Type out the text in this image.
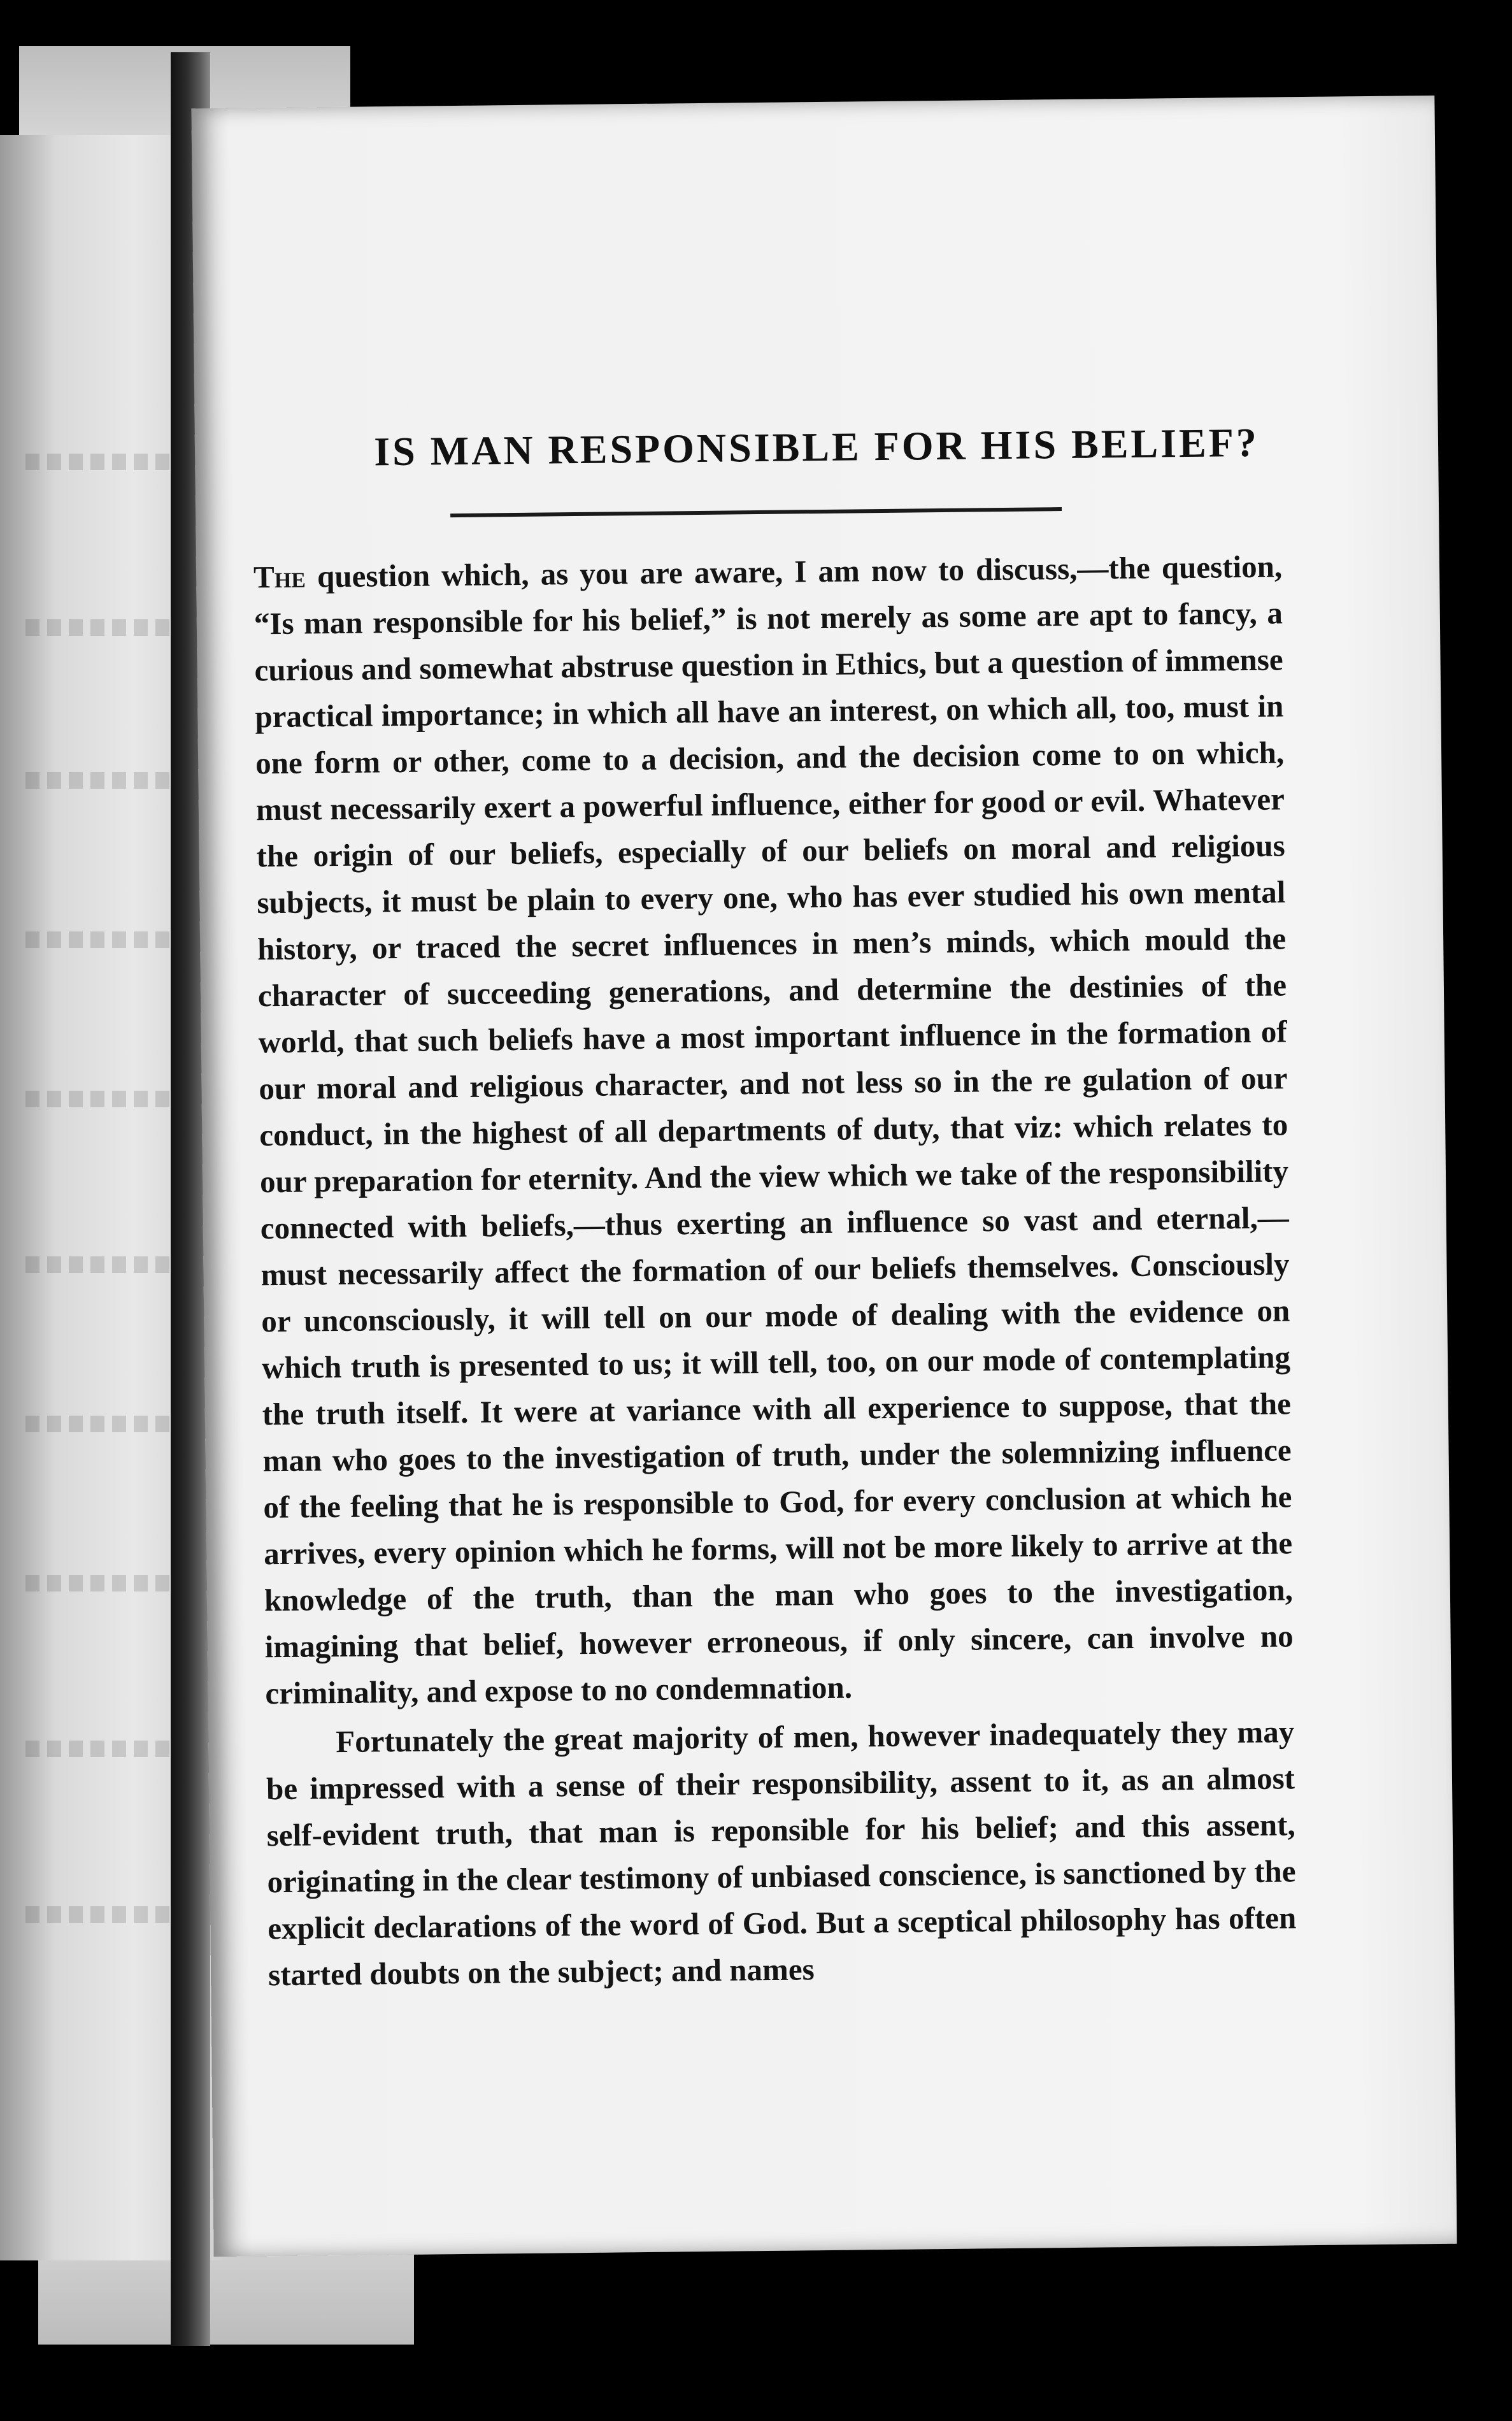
IS MAN RESPONSIBLE FOR HIS BELIEF?

The question which, as you are aware, I am now to discuss,—the question, “Is man responsible for his belief,” is not merely as some are apt to fancy, a curious and somewhat abstruse question in Ethics, but a question of immense practical importance; in which all have an interest, on which all, too, must in one form or other, come to a decision, and the decision come to on which, must necessarily exert a powerful influence, either for good or evil. Whatever the origin of our beliefs, especially of our beliefs on moral and religious subjects, it must be plain to every one, who has ever studied his own mental history, or traced the secret influences in men’s minds, which mould the character of succeeding generations, and determine the destinies of the world, that such beliefs have a most important influence in the formation of our moral and religious character, and not less so in the re gulation of our conduct, in the highest of all departments of duty, that viz: which relates to our preparation for eternity. And the view which we take of the responsibility connected with beliefs,—thus exerting an influence so vast and eternal,—must necessarily affect the formation of our beliefs themselves. Consciously or unconsciously, it will tell on our mode of dealing with the evidence on which truth is presented to us; it will tell, too, on our mode of contemplating the truth itself. It were at variance with all experience to suppose, that the man who goes to the investigation of truth, under the solemnizing influence of the feeling that he is responsible to God, for every conclusion at which he arrives, every opinion which he forms, will not be more likely to arrive at the knowledge of the truth, than the man who goes to the investigation, imagining that belief, however erroneous, if only sincere, can involve no criminality, and expose to no condemnation.

Fortunately the great majority of men, however inadequately they may be impressed with a sense of their responsibility, assent to it, as an almost self-evident truth, that man is reponsible for his belief; and this assent, originating in the clear testimony of unbiased conscience, is sanctioned by the explicit declarations of the word of God. But a sceptical philosophy has often started doubts on the subject; and names
